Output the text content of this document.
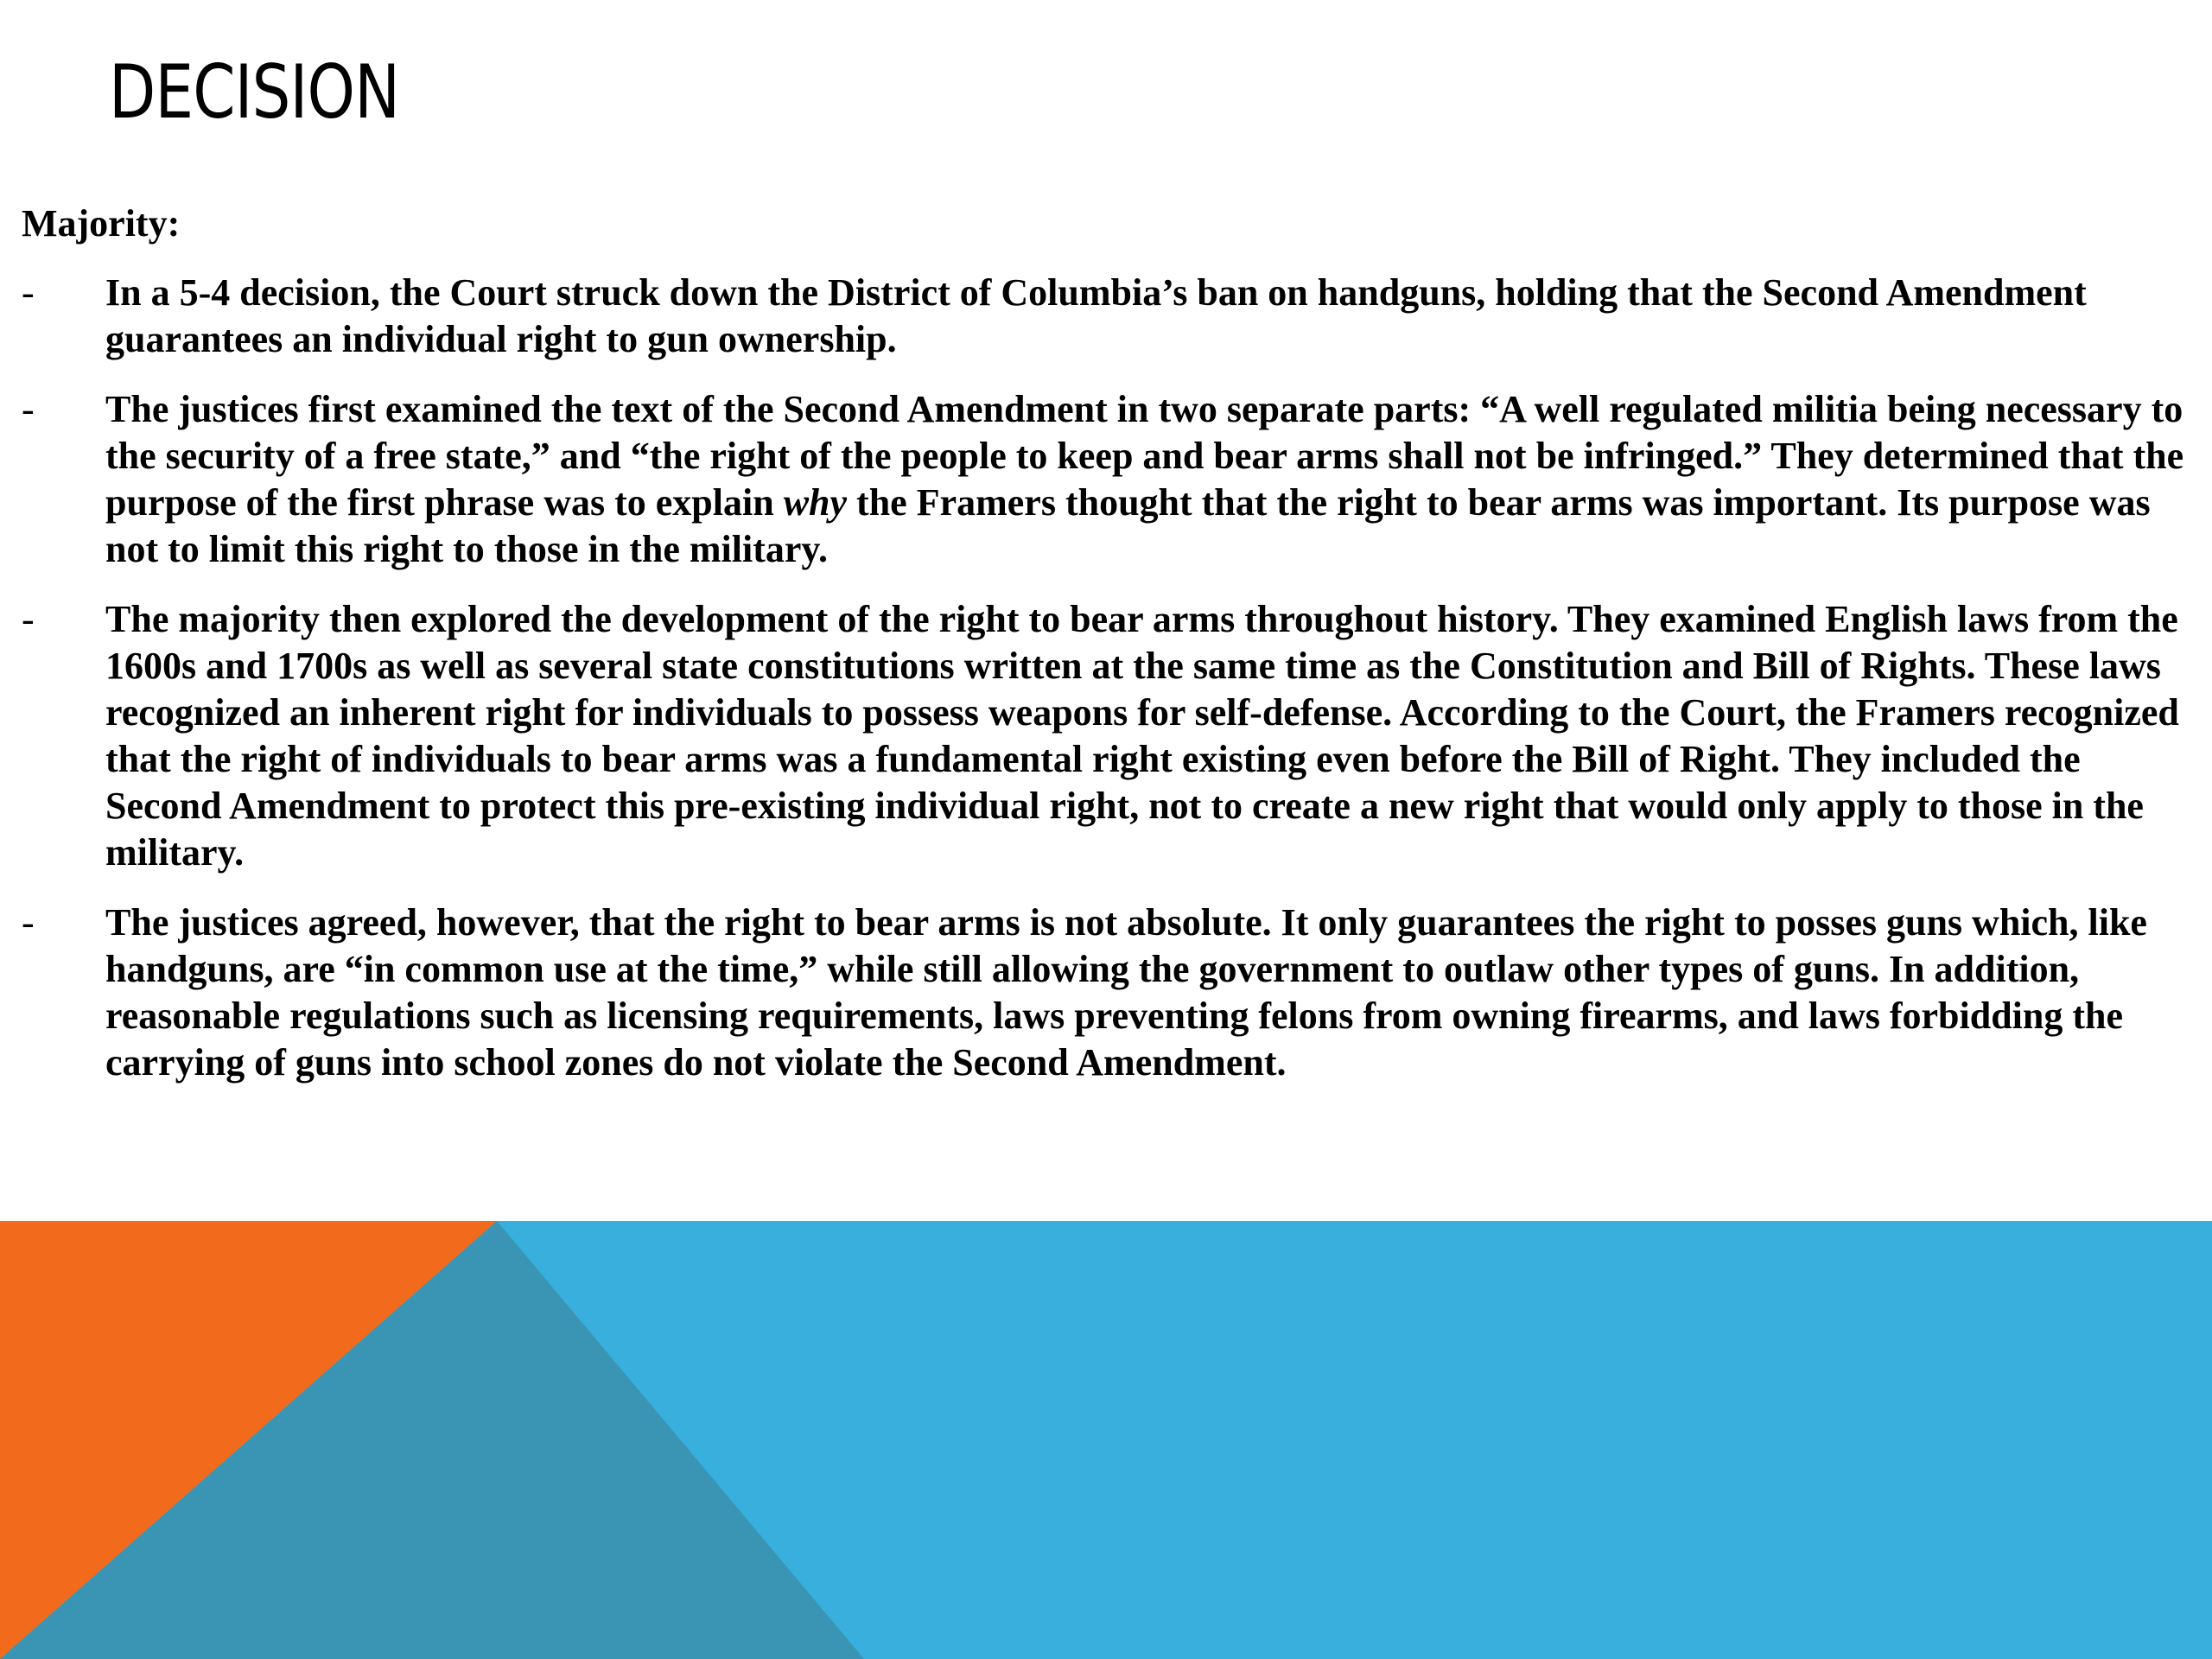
DECISION

Majority:

- In a 5-4 decision, the Court struck down the District of Columbia’s ban on handguns, holding that the Second Amendment guarantees an individual right to gun ownership.

- The justices first examined the text of the Second Amendment in two separate parts: “A well regulated militia being necessary to the security of a free state,” and “the right of the people to keep and bear arms shall not be infringed.” They determined that the purpose of the first phrase was to explain why the Framers thought that the right to bear arms was important. Its purpose was not to limit this right to those in the military.

- The majority then explored the development of the right to bear arms throughout history. They examined English laws from the 1600s and 1700s as well as several state constitutions written at the same time as the Constitution and Bill of Rights. These laws recognized an inherent right for individuals to possess weapons for self-defense. According to the Court, the Framers recognized that the right of individuals to bear arms was a fundamental right existing even before the Bill of Right. They included the Second Amendment to protect this pre-existing individual right, not to create a new right that would only apply to those in the military.

- The justices agreed, however, that the right to bear arms is not absolute. It only guarantees the right to posses guns which, like handguns, are “in common use at the time,” while still allowing the government to outlaw other types of guns. In addition, reasonable regulations such as licensing requirements, laws preventing felons from owning firearms, and laws forbidding the carrying of guns into school zones do not violate the Second Amendment.
